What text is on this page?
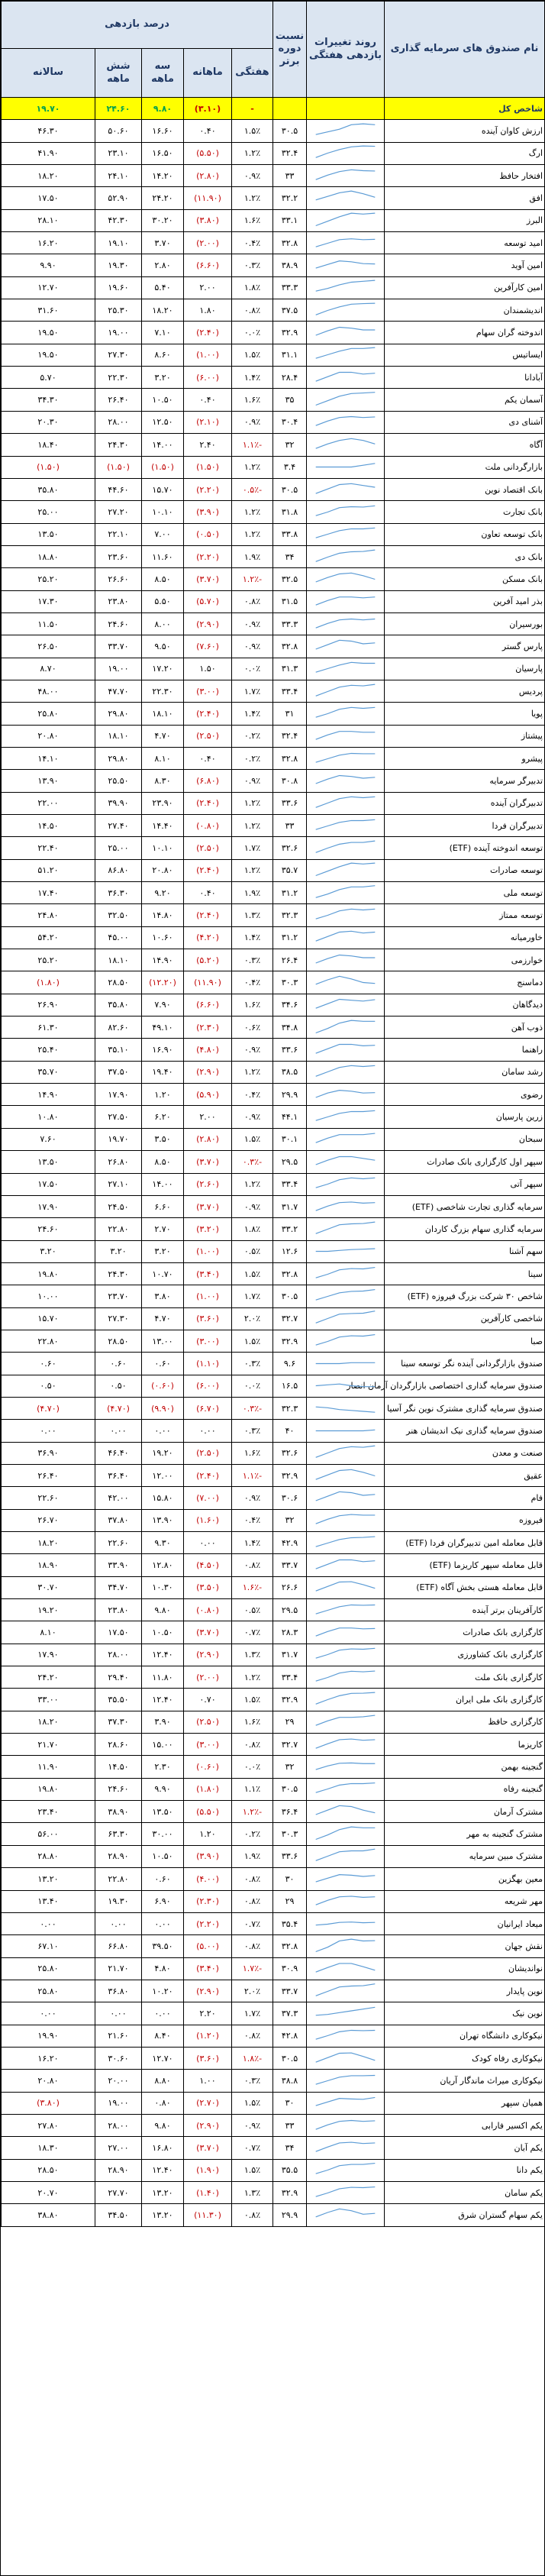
نام صندوق های سرمایه گذاری	روند تغییرات بازدهی هفتگی	نسبت دوره برتر	درصد بازدهی				
			هفتگی	ماهانه	سه ماهه	شش ماهه	سالانه
شاخص کل			-	(۳.۱۰)	۹.۸۰	۲۴.۶۰	۱۹.۷۰
ارزش کاوان آینده		۳۰.۵	۱.۵٪	۰.۴۰	۱۶.۶۰	۵۰.۶۰	۴۶.۳۰
ارگ		۳۲.۴	۱.۲٪	(۵.۵۰)	۱۶.۵۰	۲۳.۱۰	۴۱.۹۰
افتخار حافظ		۳۳	۰.۹٪	(۲.۸۰)	۱۴.۲۰	۲۴.۱۰	۱۸.۲۰
افق		۳۲.۲	۱.۲٪	(۱۱.۹۰)	۲۴.۲۰	۵۲.۹۰	۱۷.۵۰
البرز		۳۳.۱	۱.۶٪	(۳.۸۰)	۳۰.۲۰	۴۲.۳۰	۲۸.۱۰
امید توسعه		۳۲.۸	۰.۴٪	(۲.۰۰)	۳.۷۰	۱۹.۱۰	۱۶.۲۰
امین آوید		۳۸.۹	۰.۳٪	(۶.۶۰)	۲.۸۰	۱۹.۳۰	۹.۹۰
امین کارآفرین		۳۳.۳	۱.۸٪	۲.۰۰	۵.۴۰	۱۹.۶۰	۱۲.۷۰
اندیشمندان		۳۷.۵	۰.۸٪	۱.۸۰	۱۸.۲۰	۲۵.۳۰	۳۱.۶۰
اندوخته گران سهام		۳۲.۹	۰.۰٪	(۲.۴۰)	۷.۱۰	۱۹.۰۰	۱۹.۵۰
ایساتیس		۳۱.۱	۱.۵٪	(۱.۰۰)	۸.۶۰	۲۷.۳۰	۱۹.۵۰
آبادانا		۲۸.۴	۱.۴٪	(۶.۰۰)	۳.۲۰	۲۲.۳۰	۵.۷۰
آسمان یکم		۳۵	۱.۶٪	۰.۴۰	۱۰.۵۰	۲۶.۴۰	۳۴.۳۰
آشنای دی		۳۰.۴	۰.۹٪	(۲.۱۰)	۱۲.۵۰	۲۸.۰۰	۲۰.۳۰
آگاه		۳۲	-۱.۱٪	۲.۴۰	۱۴.۰۰	۲۴.۳۰	۱۸.۴۰
بازارگردانی ملت		۳.۴	۱.۲٪	(۱.۵۰)	(۱.۵۰)	(۱.۵۰)	(۱.۵۰)
بانک اقتصاد نوین		۳۰.۵	-۰.۵٪	(۲.۲۰)	۱۵.۷۰	۴۴.۶۰	۳۵.۸۰
بانک تجارت		۳۱.۸	۱.۲٪	(۳.۹۰)	۱۰.۱۰	۲۷.۲۰	۲۵.۰۰
بانک توسعه تعاون		۳۳.۸	۱.۲٪	(۰.۵۰)	۷.۰۰	۲۲.۱۰	۱۳.۵۰
بانک دی		۳۴	۱.۹٪	(۲.۲۰)	۱۱.۶۰	۲۳.۶۰	۱۸.۸۰
بانک مسکن		۳۲.۵	-۱.۲٪	(۳.۷۰)	۸.۵۰	۲۶.۶۰	۲۵.۲۰
بذر امید آفرین		۳۱.۵	۰.۸٪	(۵.۷۰)	۵.۵۰	۲۳.۸۰	۱۷.۳۰
بورسیران		۳۳.۳	۰.۹٪	(۲.۹۰)	۸.۰۰	۲۴.۶۰	۱۱.۵۰
پارس گستر		۳۲.۸	۰.۹٪	(۷.۶۰)	۹.۵۰	۳۳.۷۰	۲۶.۵۰
پارسیان		۳۱.۳	۰.۰٪	۱.۵۰	۱۷.۲۰	۱۹.۰۰	۸.۷۰
پردیس		۳۳.۴	۱.۷٪	(۳.۰۰)	۲۲.۳۰	۴۷.۷۰	۴۸.۰۰
پویا		۳۱	۱.۴٪	(۲.۴۰)	۱۸.۱۰	۲۹.۸۰	۲۵.۸۰
پیشتاز		۳۲.۴	۰.۲٪	(۲.۵۰)	۴.۷۰	۱۸.۱۰	۲۰.۸۰
پیشرو		۳۲.۸	۰.۲٪	۰.۴۰	۸.۱۰	۲۹.۸۰	۱۴.۱۰
تدبیرگر سرمایه		۳۰.۸	۰.۹٪	(۶.۸۰)	۸.۳۰	۲۵.۵۰	۱۳.۹۰
تدبیرگران آینده		۳۳.۶	۱.۲٪	(۲.۴۰)	۲۳.۹۰	۳۹.۹۰	۲۲.۰۰
تدبیرگران فردا		۳۳	۱.۲٪	(۰.۸۰)	۱۴.۴۰	۲۷.۴۰	۱۴.۵۰
توسعه اندوخته آینده (ETF)		۳۲.۶	۱.۷٪	(۲.۵۰)	۱۰.۱۰	۲۵.۰۰	۲۲.۴۰
توسعه صادرات		۳۵.۷	۱.۲٪	(۲.۴۰)	۲۰.۸۰	۸۶.۸۰	۵۱.۲۰
توسعه ملی		۳۱.۲	۱.۹٪	۰.۴۰	۹.۲۰	۳۶.۳۰	۱۷.۴۰
توسعه ممتاز		۳۲.۳	۱.۳٪	(۲.۴۰)	۱۴.۸۰	۳۲.۵۰	۲۴.۸۰
خاورمیانه		۳۱.۲	۱.۴٪	(۴.۲۰)	۱۰.۶۰	۴۵.۰۰	۵۴.۲۰
خوارزمی		۲۶.۴	۰.۳٪	(۵.۲۰)	۱۴.۹۰	۱۸.۱۰	۲۵.۲۰
دماسنج		۳۰.۳	۰.۴٪	(۱۱.۹۰)	(۱۲.۲۰)	۲۸.۵۰	(۱.۸۰)
دیدگاهان		۳۴.۶	۱.۶٪	(۶.۶۰)	۷.۹۰	۳۵.۸۰	۲۶.۹۰
ذوب آهن		۳۴.۸	۰.۶٪	(۲.۳۰)	۴۹.۱۰	۸۲.۶۰	۶۱.۳۰
راهنما		۳۳.۶	۰.۹٪	(۴.۸۰)	۱۶.۹۰	۳۵.۱۰	۲۵.۴۰
رشد سامان		۳۸.۵	۱.۲٪	(۲.۹۰)	۱۹.۴۰	۳۷.۵۰	۳۵.۷۰
رضوی		۲۹.۹	۰.۴٪	(۵.۹۰)	۱.۲۰	۱۷.۹۰	۱۴.۹۰
زرین پارسیان		۴۴.۱	۰.۹٪	۲.۰۰	۶.۲۰	۲۷.۵۰	۱۰.۸۰
سبحان		۳۰.۱	۱.۵٪	(۲.۸۰)	۳.۵۰	۱۹.۷۰	۷.۶۰
سپهر اول کارگزاری بانک صادرات		۲۹.۵	-۰.۳٪	(۳.۷۰)	۸.۵۰	۲۶.۸۰	۱۳.۵۰
سپهر آتی		۳۳.۴	۱.۲٪	(۲.۶۰)	۱۴.۰۰	۲۷.۱۰	۱۷.۵۰
سرمایه گذاری تجارت شاخصی (ETF)		۳۱.۷	۰.۹٪	(۳.۷۰)	۶.۶۰	۲۴.۵۰	۱۷.۹۰
سرمایه گذاری سهام بزرگ کاردان		۳۳.۲	۱.۸٪	(۳.۲۰)	۲.۷۰	۲۲.۸۰	۲۴.۶۰
سهم آشنا		۱۲.۶	۰.۵٪	(۱.۰۰)	۳.۲۰	۳.۲۰	۳.۲۰
سینا		۳۲.۸	۱.۵٪	(۳.۴۰)	۱۰.۷۰	۲۴.۳۰	۱۹.۸۰
شاخص ۳۰ شرکت بزرگ فیروزه (ETF)		۳۰.۵	۱.۷٪	(۱.۰۰)	۳.۸۰	۲۳.۷۰	۱۰.۰۰
شاخصی کارآفرین		۳۲.۷	۲.۰٪	(۳.۶۰)	۴.۷۰	۲۷.۳۰	۱۵.۷۰
صبا		۳۲.۹	۱.۵٪	(۳.۰۰)	۱۳.۰۰	۲۸.۵۰	۲۲.۸۰
صندوق بازارگردانی آینده نگر توسعه سینا		۹.۶	۰.۳٪	(۱.۱۰)	۰.۶۰	۰.۶۰	۰.۶۰
صندوق سرمایه گذاری اختصاصی بازارگردان آرمان انصار		۱۶.۵	۰.۰٪	(۶.۰۰)	(۰.۶۰)	۰.۵۰	۰.۵۰
صندوق سرمایه گذاری مشترک نوین نگر آسیا		۳۲.۳	-۰.۳٪	(۶.۷۰)	(۹.۹۰)	(۴.۷۰)	(۴.۷۰)
صندوق سرمایه گذاری نیک اندیشان هنر		۴۰	۰.۳٪	۰.۰۰	۰.۰۰	۰.۰۰	۰.۰۰
صنعت و معدن		۳۲.۶	۱.۶٪	(۲.۵۰)	۱۹.۲۰	۴۶.۴۰	۳۶.۹۰
عقیق		۳۲.۹	-۱.۱٪	(۲.۴۰)	۱۲.۰۰	۳۶.۴۰	۲۶.۴۰
فام		۳۰.۶	۰.۹٪	(۷.۰۰)	۱۵.۸۰	۴۲.۰۰	۲۲.۶۰
فیروزه		۳۲	۰.۴٪	(۱.۶۰)	۱۳.۹۰	۳۷.۸۰	۲۶.۷۰
قابل معامله امین تدبیرگران فردا (ETF)		۴۲.۹	۱.۴٪	۰.۰۰	۹.۳۰	۲۲.۶۰	۱۸.۲۰
قابل معامله سپهر کاریزما (ETF)		۳۳.۷	۰.۸٪	(۴.۵۰)	۱۲.۸۰	۳۳.۹۰	۱۸.۹۰
قابل معامله هستی بخش آگاه (ETF)		۲۶.۶	-۱.۶٪	(۳.۵۰)	۱۰.۳۰	۳۴.۷۰	۳۰.۷۰
کارآفرینان برتر آینده		۲۹.۵	۰.۵٪	(۰.۸۰)	۹.۸۰	۲۳.۸۰	۱۹.۲۰
کارگزاری بانک صادرات		۲۸.۳	۰.۷٪	(۳.۷۰)	۱۰.۵۰	۱۷.۵۰	۸.۱۰
کارگزاری بانک کشاورزی		۳۱.۷	۱.۳٪	(۲.۹۰)	۱۲.۴۰	۲۸.۰۰	۱۷.۹۰
کارگزاری بانک ملت		۳۳.۴	۱.۲٪	(۲.۰۰)	۱۱.۸۰	۲۹.۴۰	۲۴.۲۰
کارگزاری بانک ملی ایران		۳۲.۹	۱.۵٪	۰.۷۰	۱۲.۴۰	۳۵.۵۰	۳۳.۰۰
کارگزاری حافظ		۲۹	۱.۶٪	(۲.۵۰)	۳.۹۰	۳۷.۳۰	۱۸.۲۰
کاریزما		۳۲.۷	۰.۸٪	(۳.۰۰)	۱۵.۰۰	۲۸.۶۰	۲۱.۷۰
گنجینه بهمن		۳۲	۰.۰٪	(۰.۶۰)	۲.۳۰	۱۴.۵۰	۱۱.۹۰
گنجینه رفاه		۳۰.۵	۱.۱٪	(۱.۸۰)	۹.۹۰	۲۴.۶۰	۱۹.۸۰
مشترک آرمان		۳۶.۴	-۱.۲٪	(۵.۵۰)	۱۳.۵۰	۳۸.۹۰	۲۳.۴۰
مشترک گنجینه به مهر		۳۰.۳	۰.۲٪	۱.۲۰	۳۰.۰۰	۶۳.۳۰	۵۶.۰۰
مشترک مبین سرمایه		۳۳.۶	۱.۹٪	(۳.۹۰)	۱۰.۵۰	۲۸.۹۰	۲۸.۸۰
معین بهگزین		۳۰	۰.۸٪	(۴.۰۰)	۰.۶۰	۲۲.۸۰	۱۳.۲۰
مهر شریعه		۲۹	۰.۸٪	(۲.۳۰)	۶.۹۰	۱۹.۳۰	۱۳.۴۰
میعاد ایرانیان		۳۵.۴	۰.۷٪	(۲.۲۰)	۰.۰۰	۰.۰۰	۰.۰۰
نقش جهان		۳۲.۸	۰.۸٪	(۵.۰۰)	۳۹.۵۰	۶۶.۸۰	۶۷.۱۰
نواندیشان		۳۰.۹	-۱.۷٪	(۳.۴۰)	۴.۸۰	۲۱.۷۰	۲۵.۸۰
نوین پایدار		۳۳.۷	۲.۰٪	(۲.۹۰)	۱۰.۲۰	۳۶.۸۰	۲۵.۸۰
نوین نیک		۳۷.۳	۱.۷٪	۲.۲۰	۰.۰۰	۰.۰۰	۰.۰۰
نیکوکاری دانشگاه تهران		۴۲.۸	۰.۸٪	(۱.۲۰)	۸.۴۰	۲۱.۶۰	۱۹.۹۰
نیکوکاری رفاه کودک		۳۰.۵	-۱.۸٪	(۳.۶۰)	۱۲.۷۰	۳۰.۶۰	۱۶.۲۰
نیکوکاری میراث ماندگار آریان		۳۸.۸	۰.۳٪	۱.۰۰	۸.۸۰	۲۰.۰۰	۲۰.۸۰
همیان سپهر		۳۰	۱.۵٪	(۲.۷۰)	۰.۸۰	۱۹.۰۰	(۳.۸۰)
یکم اکسیر فارابی		۳۳	۰.۹٪	(۲.۹۰)	۹.۸۰	۲۸.۰۰	۲۷.۸۰
یکم آبان		۳۴	۰.۷٪	(۳.۷۰)	۱۶.۸۰	۲۷.۰۰	۱۸.۳۰
یکم دانا		۳۵.۵	۱.۵٪	(۱.۹۰)	۱۲.۴۰	۲۸.۹۰	۲۸.۵۰
یکم سامان		۳۲.۹	۱.۳٪	(۱.۴۰)	۱۳.۲۰	۲۷.۷۰	۲۰.۷۰
یکم سهام گستران شرق		۲۹.۹	۰.۸٪	(۱۱.۳۰)	۱۳.۲۰	۳۴.۵۰	۳۸.۸۰
